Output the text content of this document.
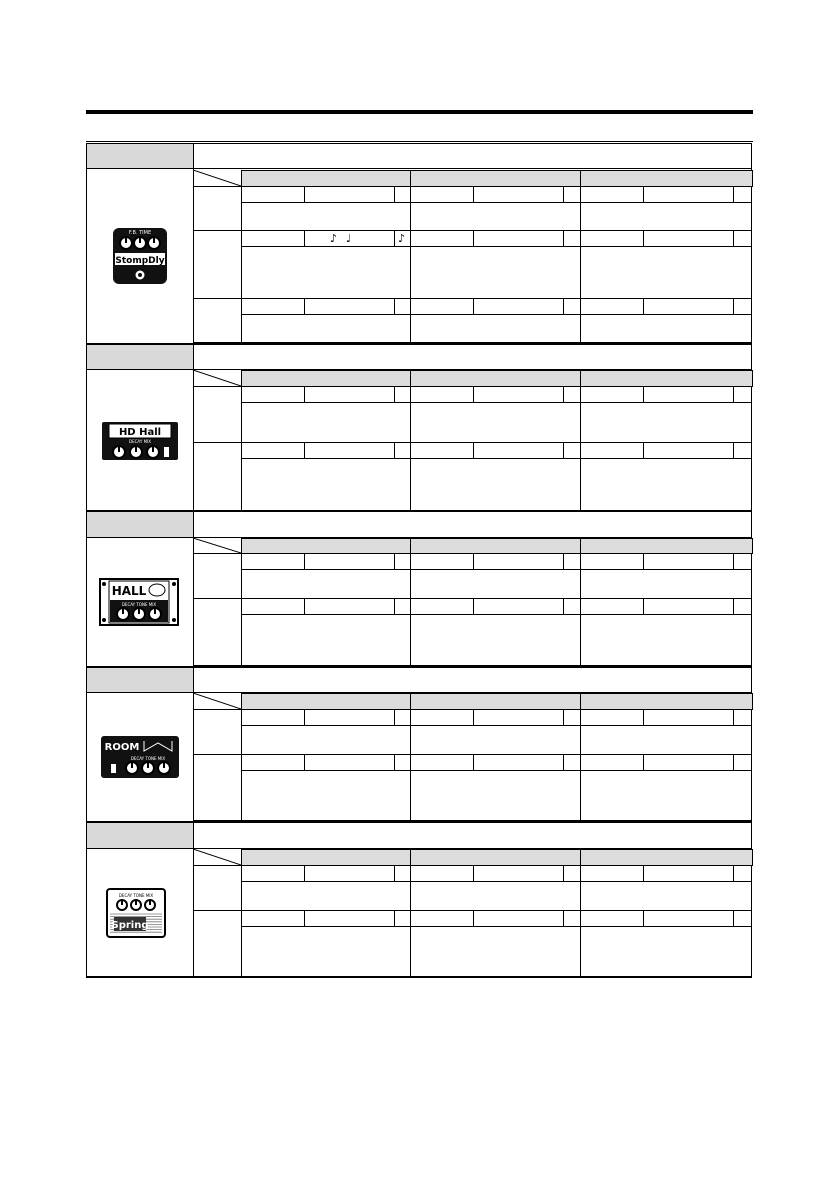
♪ ♩	♪
F.B. TIME
StompDly
HD Hall
DECAY MIX
HALL
DECAY TONE MIX
ROOM
DECAY TONE MIX
DECAY TONE MIX
Spring
